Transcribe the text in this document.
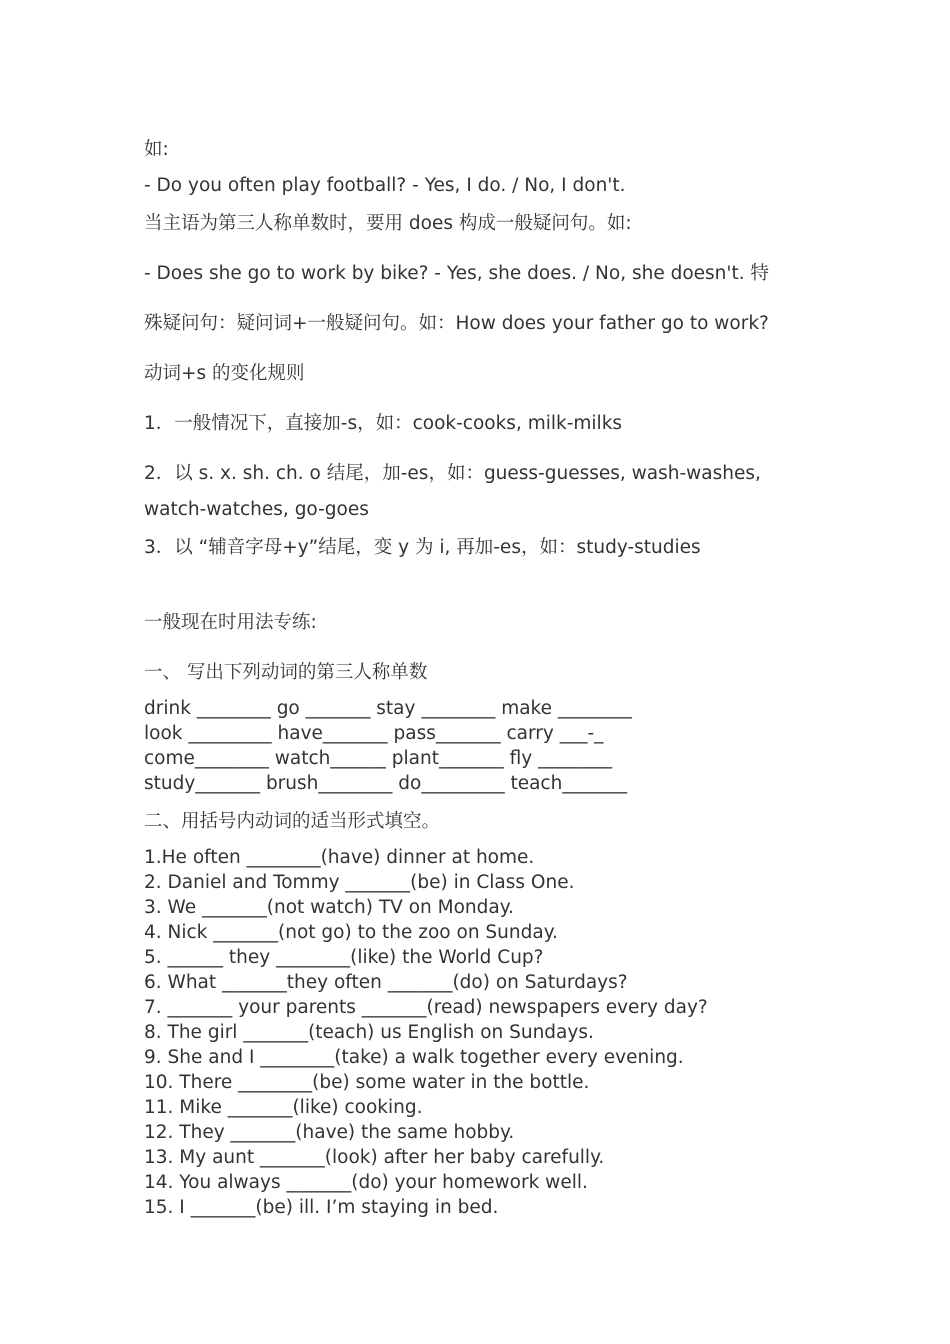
如:
- Do you often play football? - Yes, I do. / No, I don't.
当主语为第三人称单数时，要用 does 构成一般疑问句。如:
- Does she go to work by bike? - Yes, she does. / No, she doesn't. 特
殊疑问句：疑问词+一般疑问句。如：How does your father go to work?
动词+s 的变化规则
1．一般情况下，直接加-s，如：cook-cooks, milk-milks
2．以 s. x. sh. ch. o 结尾，加-es，如：guess-guesses, wash-washes,
watch-watches, go-goes
3．以 “辅音字母+y”结尾，变 y 为 i, 再加-es，如：study-studies
一般现在时用法专练:
一、 写出下列动词的第三人称单数
drink ________ go _______ stay ________ make ________
look _________ have_______ pass_______ carry ___-_
come________ watch______ plant_______ fly ________
study_______ brush________ do_________ teach_______
二、用括号内动词的适当形式填空。
1.He often ________(have) dinner at home.
2. Daniel and Tommy _______(be) in Class One.
3. We _______(not watch) TV on Monday.
4. Nick _______(not go) to the zoo on Sunday.
5. ______ they ________(like) the World Cup?
6. What _______they often _______(do) on Saturdays?
7. _______ your parents _______(read) newspapers every day?
8. The girl _______(teach) us English on Sundays.
9. She and I ________(take) a walk together every evening.
10. There ________(be) some water in the bottle.
11. Mike _______(like) cooking.
12. They _______(have) the same hobby.
13. My aunt _______(look) after her baby carefully.
14. You always _______(do) your homework well.
15. I _______(be) ill. I’m staying in bed.
